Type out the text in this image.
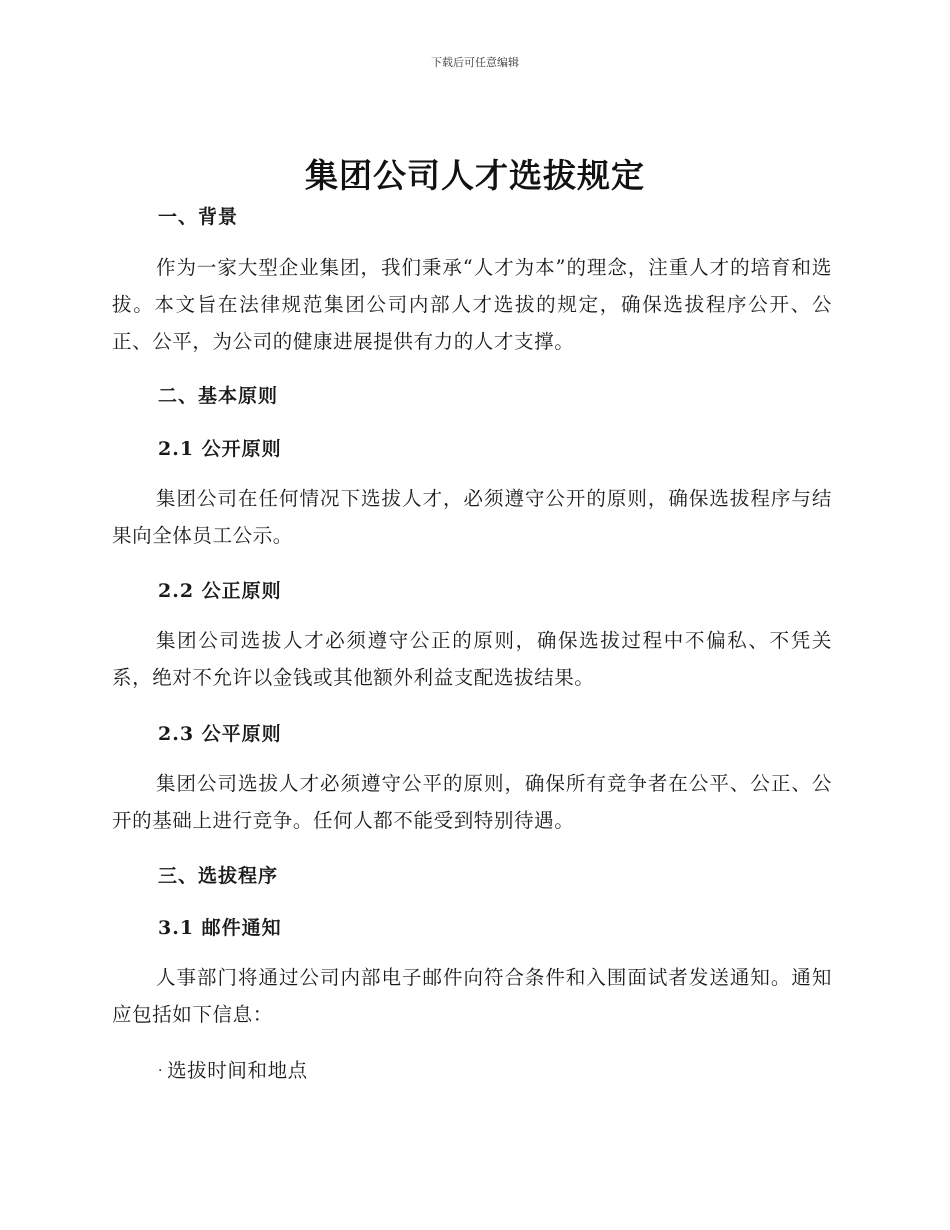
下载后可任意编辑
集团公司人才选拔规定
一、背景
作为一家大型企业集团，我们秉承“人才为本”的理念，注重人才的培育和选拔。本文旨在法律规范集团公司内部人才选拔的规定，确保选拔程序公开、公正、公平，为公司的健康进展提供有力的人才支撑。
二、基本原则
2.1 公开原则
集团公司在任何情况下选拔人才，必须遵守公开的原则，确保选拔程序与结果向全体员工公示。
2.2 公正原则
集团公司选拔人才必须遵守公正的原则，确保选拔过程中不偏私、不凭关系，绝对不允许以金钱或其他额外利益支配选拔结果。
2.3 公平原则
集团公司选拔人才必须遵守公平的原则，确保所有竞争者在公平、公正、公开的基础上进行竞争。任何人都不能受到特别待遇。
三、选拔程序
3.1 邮件通知
人事部门将通过公司内部电子邮件向符合条件和入围面试者发送通知。通知应包括如下信息：
· 选拔时间和地点
